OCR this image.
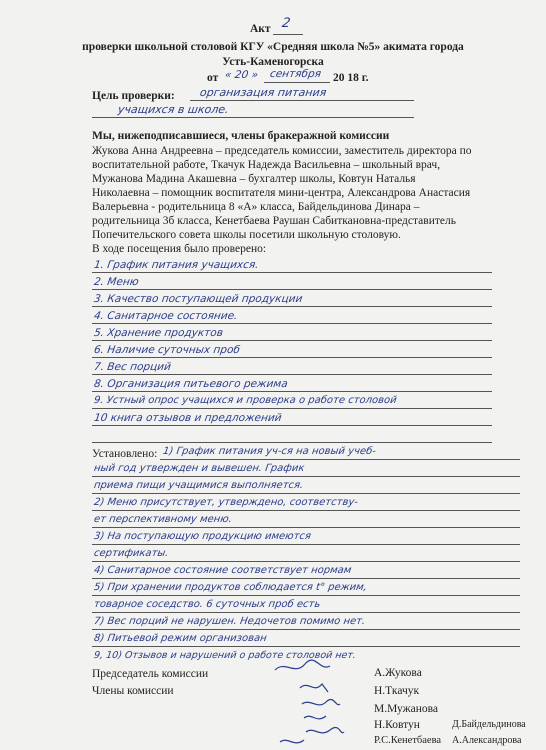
Акт 2
проверки школьной столовой КГУ «Средняя школа №5» акимата города
Усть-Каменогорска
от « 20 » сентября 20 18 г.
Цель проверки: организация питания
учащихся в школе.
Мы, нижеподписавшиеся, члены бракеражной комиссии
Жукова Анна Андреевна – председатель комиссии, заместитель директора по
воспитательной работе, Ткачук Надежда Васильевна – школьный врач,
Мужанова Мадина Акашевна – бухгалтер школы, Ковтун Наталья
Николаевна – помощник воспитателя мини-центра, Александрова Анастасия
Валерьевна - родительница 8 «А» класса, Байдельдинова Динара –
родительница 3б класса, Кенетбаева Раушан Сабиткановна-представитель
Попечительского совета школы посетили школьную столовую.
В ходе посещения было проверено:
1. График питания учащихся.
2. Меню
3. Качество поступающей продукции
4. Санитарное состояние.
5. Хранение продуктов
6. Наличие суточных проб
7. Вес порций
8. Организация питьевого режима
9. Устный опрос учащихся и проверка о работе столовой
10 книга отзывов и предложений
Установлено: 1) График питания уч-ся на новый учеб-
ный год утвержден и вывешен. График
приема пищи учащимися выполняется.
2) Меню присутствует, утверждено, соответству-
ет перспективному меню.
3) На поступающую продукцию имеются
сертификаты.
4) Санитарное состояние соответствует нормам
5) При хранении продуктов соблюдается t° режим,
товарное соседство. 6 суточных проб есть
7) Вес порций не нарушен. Недочетов помимо нет.
8) Питьевой режим организован
9, 10) Отзывов и нарушений о работе столовой нет.
Председатель комиссии
Члены комиссии
А.Жукова
Н.Ткачук
М.Мужанова
Н.Ковтун
Р.С.Кенетбаева
Д.Байдельдинова
А.Александрова
